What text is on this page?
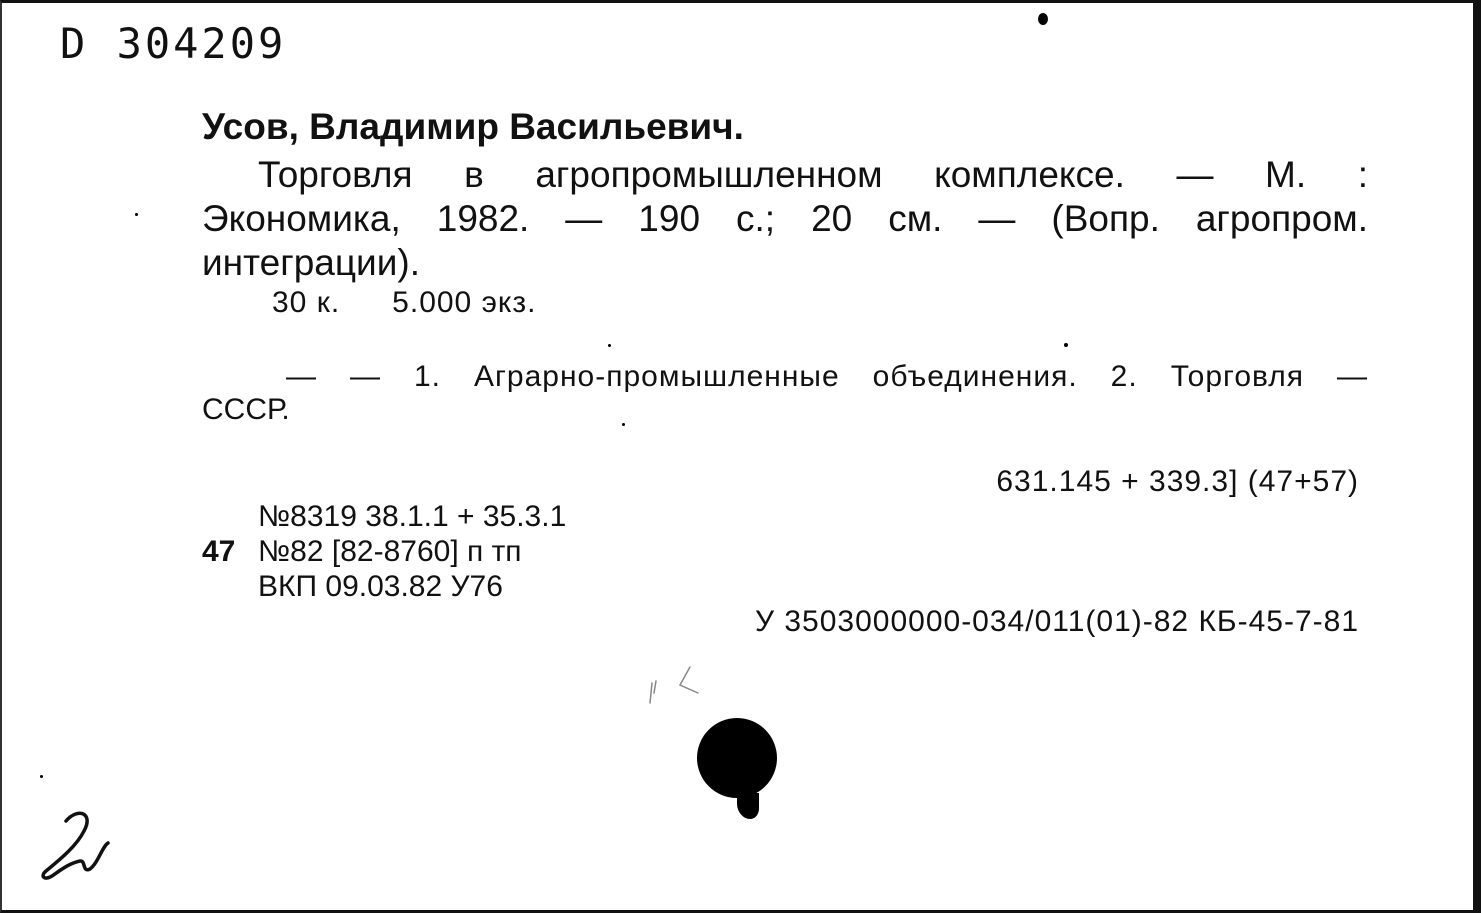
D 304209
Усов, Владимир Васильевич.
Торговля в агропромышленном комплексе. — М. :
Экономика, 1982. — 190 с.; 20 см. — (Вопр. агропром.
интеграции).
30 к. 5.000 экз.
— — 1. Аграрно-промышленные объединения. 2. Торговля —
СССР.
631.145 + 339.3] (47+57)
№8319 38.1.1 + 35.3.1
47 №82 [82-8760] п тп
ВКП 09.03.82 У76
У 3503000000-034/011(01)-82 КБ-45-7-81
